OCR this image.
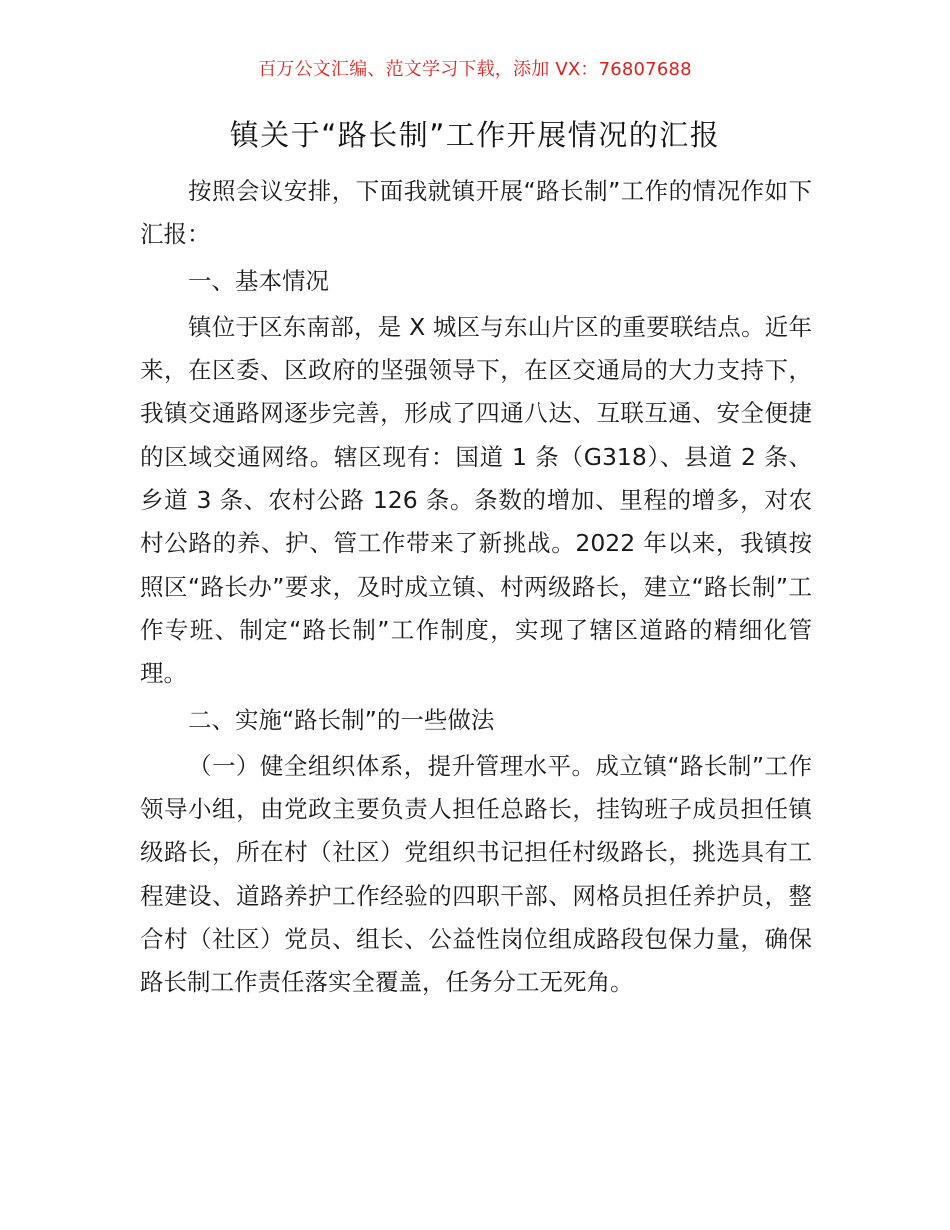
百万公文汇编、范文学习下载，添加 VX：76807688
镇关于“路长制”工作开展情况的汇报

按照会议安排，下面我就镇开展“路长制”工作的情况作如下汇报：

一、基本情况

镇位于区东南部，是 X 城区与东山片区的重要联结点。近年来，在区委、区政府的坚强领导下，在区交通局的大力支持下，我镇交通路网逐步完善，形成了四通八达、互联互通、安全便捷的区域交通网络。辖区现有：国道 1 条（G318）、县道 2 条、乡道 3 条、农村公路 126 条。条数的增加、里程的增多，对农村公路的养、护、管工作带来了新挑战。2022 年以来，我镇按照区“路长办”要求，及时成立镇、村两级路长，建立“路长制”工作专班、制定“路长制”工作制度，实现了辖区道路的精细化管理。

二、实施“路长制”的一些做法

（一）健全组织体系，提升管理水平。成立镇“路长制”工作领导小组，由党政主要负责人担任总路长，挂钩班子成员担任镇级路长，所在村（社区）党组织书记担任村级路长，挑选具有工程建设、道路养护工作经验的四职干部、网格员担任养护员，整合村（社区）党员、组长、公益性岗位组成路段包保力量，确保路长制工作责任落实全覆盖，任务分工无死角。
